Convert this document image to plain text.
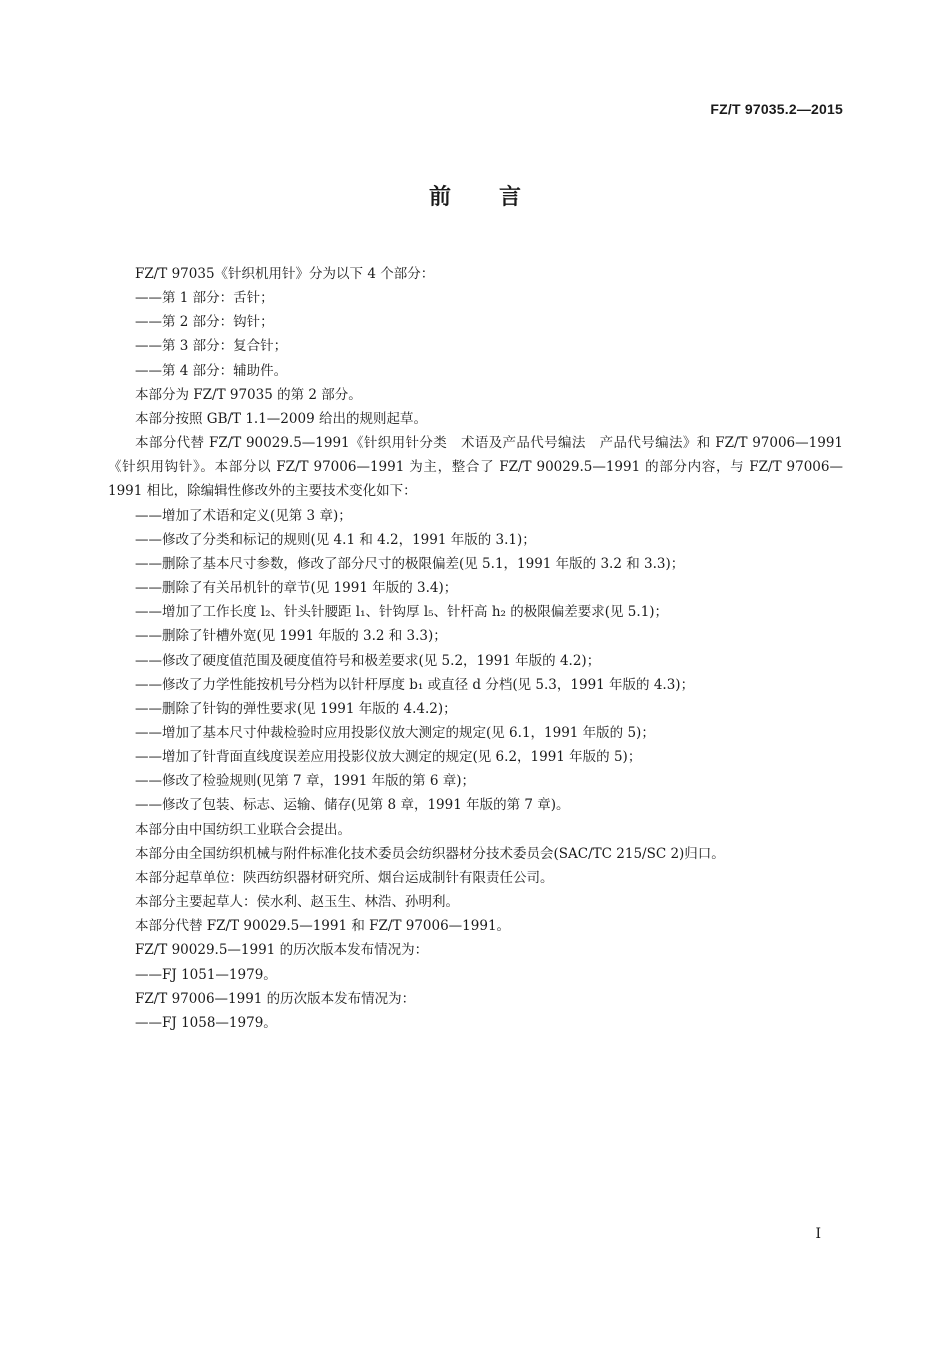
FZ/T 97035.2—2015
前言

FZ/T 97035《针织机用针》分为以下 4 个部分：

——第 1 部分：舌针；

——第 2 部分：钩针；

——第 3 部分：复合针；

——第 4 部分：辅助件。

本部分为 FZ/T 97035 的第 2 部分。

本部分按照 GB/T 1.1—2009 给出的规则起草。

本部分代替 FZ/T 90029.5—1991《针织用针分类　术语及产品代号编法　产品代号编法》和 FZ/T 97006—1991《针织用钩针》。本部分以 FZ/T 97006—1991 为主，整合了 FZ/T 90029.5—1991 的部分内容，与 FZ/T 97006—1991 相比，除编辑性修改外的主要技术变化如下：

——增加了术语和定义(见第 3 章)；

——修改了分类和标记的规则(见 4.1 和 4.2，1991 年版的 3.1)；

——删除了基本尺寸参数，修改了部分尺寸的极限偏差(见 5.1，1991 年版的 3.2 和 3.3)；

——删除了有关吊机针的章节(见 1991 年版的 3.4)；

——增加了工作长度 l₂、针头针腰距 l₁、针钩厚 l₅、针杆高 h₂ 的极限偏差要求(见 5.1)；

——删除了针槽外宽(见 1991 年版的 3.2 和 3.3)；

——修改了硬度值范围及硬度值符号和极差要求(见 5.2，1991 年版的 4.2)；

——修改了力学性能按机号分档为以针杆厚度 b₁ 或直径 d 分档(见 5.3，1991 年版的 4.3)；

——删除了针钩的弹性要求(见 1991 年版的 4.4.2)；

——增加了基本尺寸仲裁检验时应用投影仪放大测定的规定(见 6.1，1991 年版的 5)；

——增加了针背面直线度误差应用投影仪放大测定的规定(见 6.2，1991 年版的 5)；

——修改了检验规则(见第 7 章，1991 年版的第 6 章)；

——修改了包装、标志、运输、储存(见第 8 章，1991 年版的第 7 章)。

本部分由中国纺织工业联合会提出。

本部分由全国纺织机械与附件标准化技术委员会纺织器材分技术委员会(SAC/TC 215/SC 2)归口。

本部分起草单位：陕西纺织器材研究所、烟台运成制针有限责任公司。

本部分主要起草人：侯水利、赵玉生、林浩、孙明利。

本部分代替 FZ/T 90029.5—1991 和 FZ/T 97006—1991。

FZ/T 90029.5—1991 的历次版本发布情况为：

——FJ 1051—1979。

FZ/T 97006—1991 的历次版本发布情况为：

——FJ 1058—1979。

I
